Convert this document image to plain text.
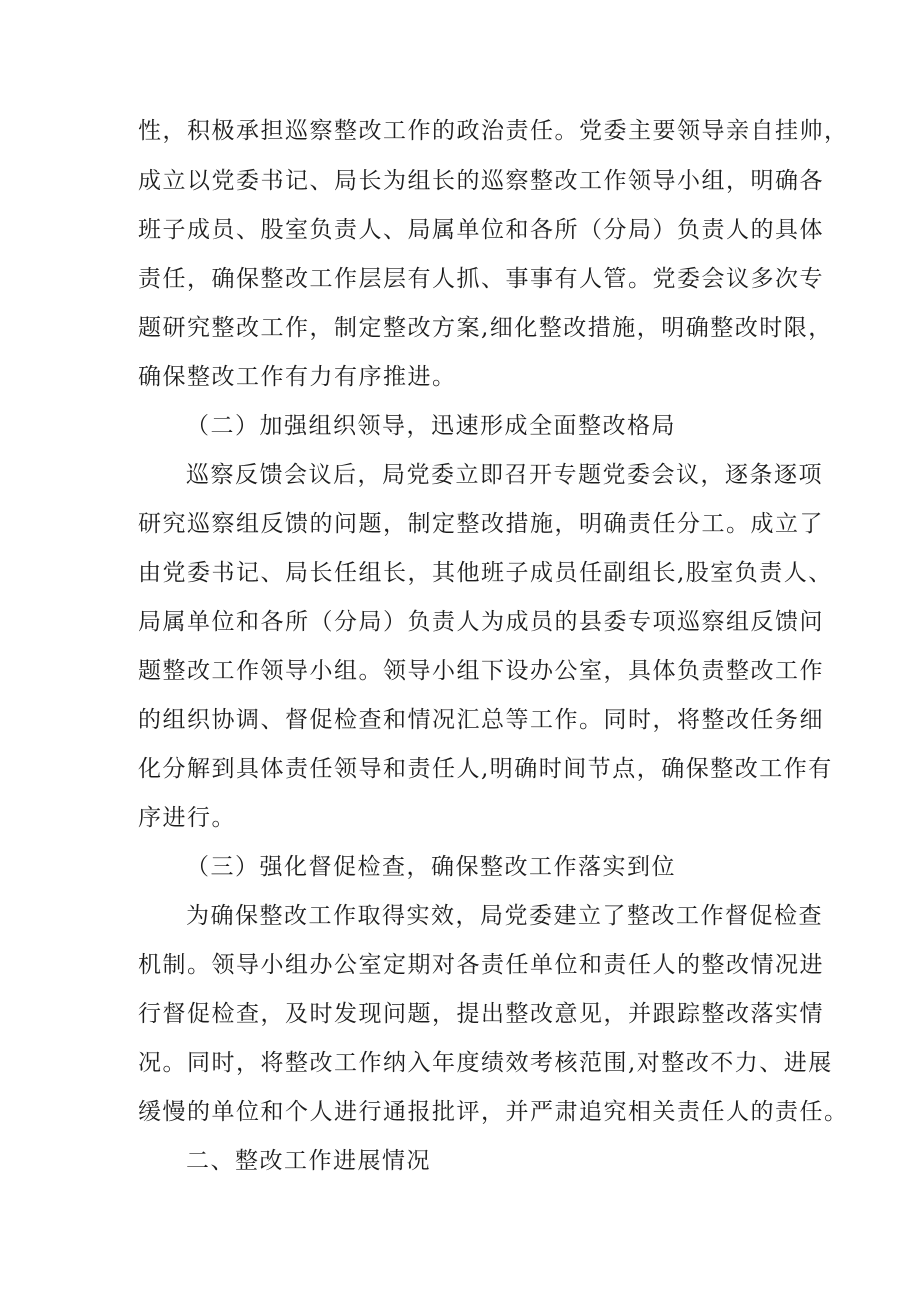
性，积极承担巡察整改工作的政治责任。党委主要领导亲自挂帅，

成立以党委书记、局长为组长的巡察整改工作领导小组，明确各

班子成员、股室负责人、局属单位和各所（分局）负责人的具体

责任，确保整改工作层层有人抓、事事有人管。党委会议多次专

题研究整改工作，制定整改方案,细化整改措施，明确整改时限，

确保整改工作有力有序推进。

（二）加强组织领导，迅速形成全面整改格局

巡察反馈会议后，局党委立即召开专题党委会议，逐条逐项

研究巡察组反馈的问题，制定整改措施，明确责任分工。成立了

由党委书记、局长任组长，其他班子成员任副组长,股室负责人、

局属单位和各所（分局）负责人为成员的县委专项巡察组反馈问

题整改工作领导小组。领导小组下设办公室，具体负责整改工作

的组织协调、督促检查和情况汇总等工作。同时，将整改任务细

化分解到具体责任领导和责任人,明确时间节点，确保整改工作有

序进行。

（三）强化督促检查，确保整改工作落实到位

为确保整改工作取得实效，局党委建立了整改工作督促检查

机制。领导小组办公室定期对各责任单位和责任人的整改情况进

行督促检查，及时发现问题，提出整改意见，并跟踪整改落实情

况。同时，将整改工作纳入年度绩效考核范围,对整改不力、进展

缓慢的单位和个人进行通报批评，并严肃追究相关责任人的责任。

二、整改工作进展情况
